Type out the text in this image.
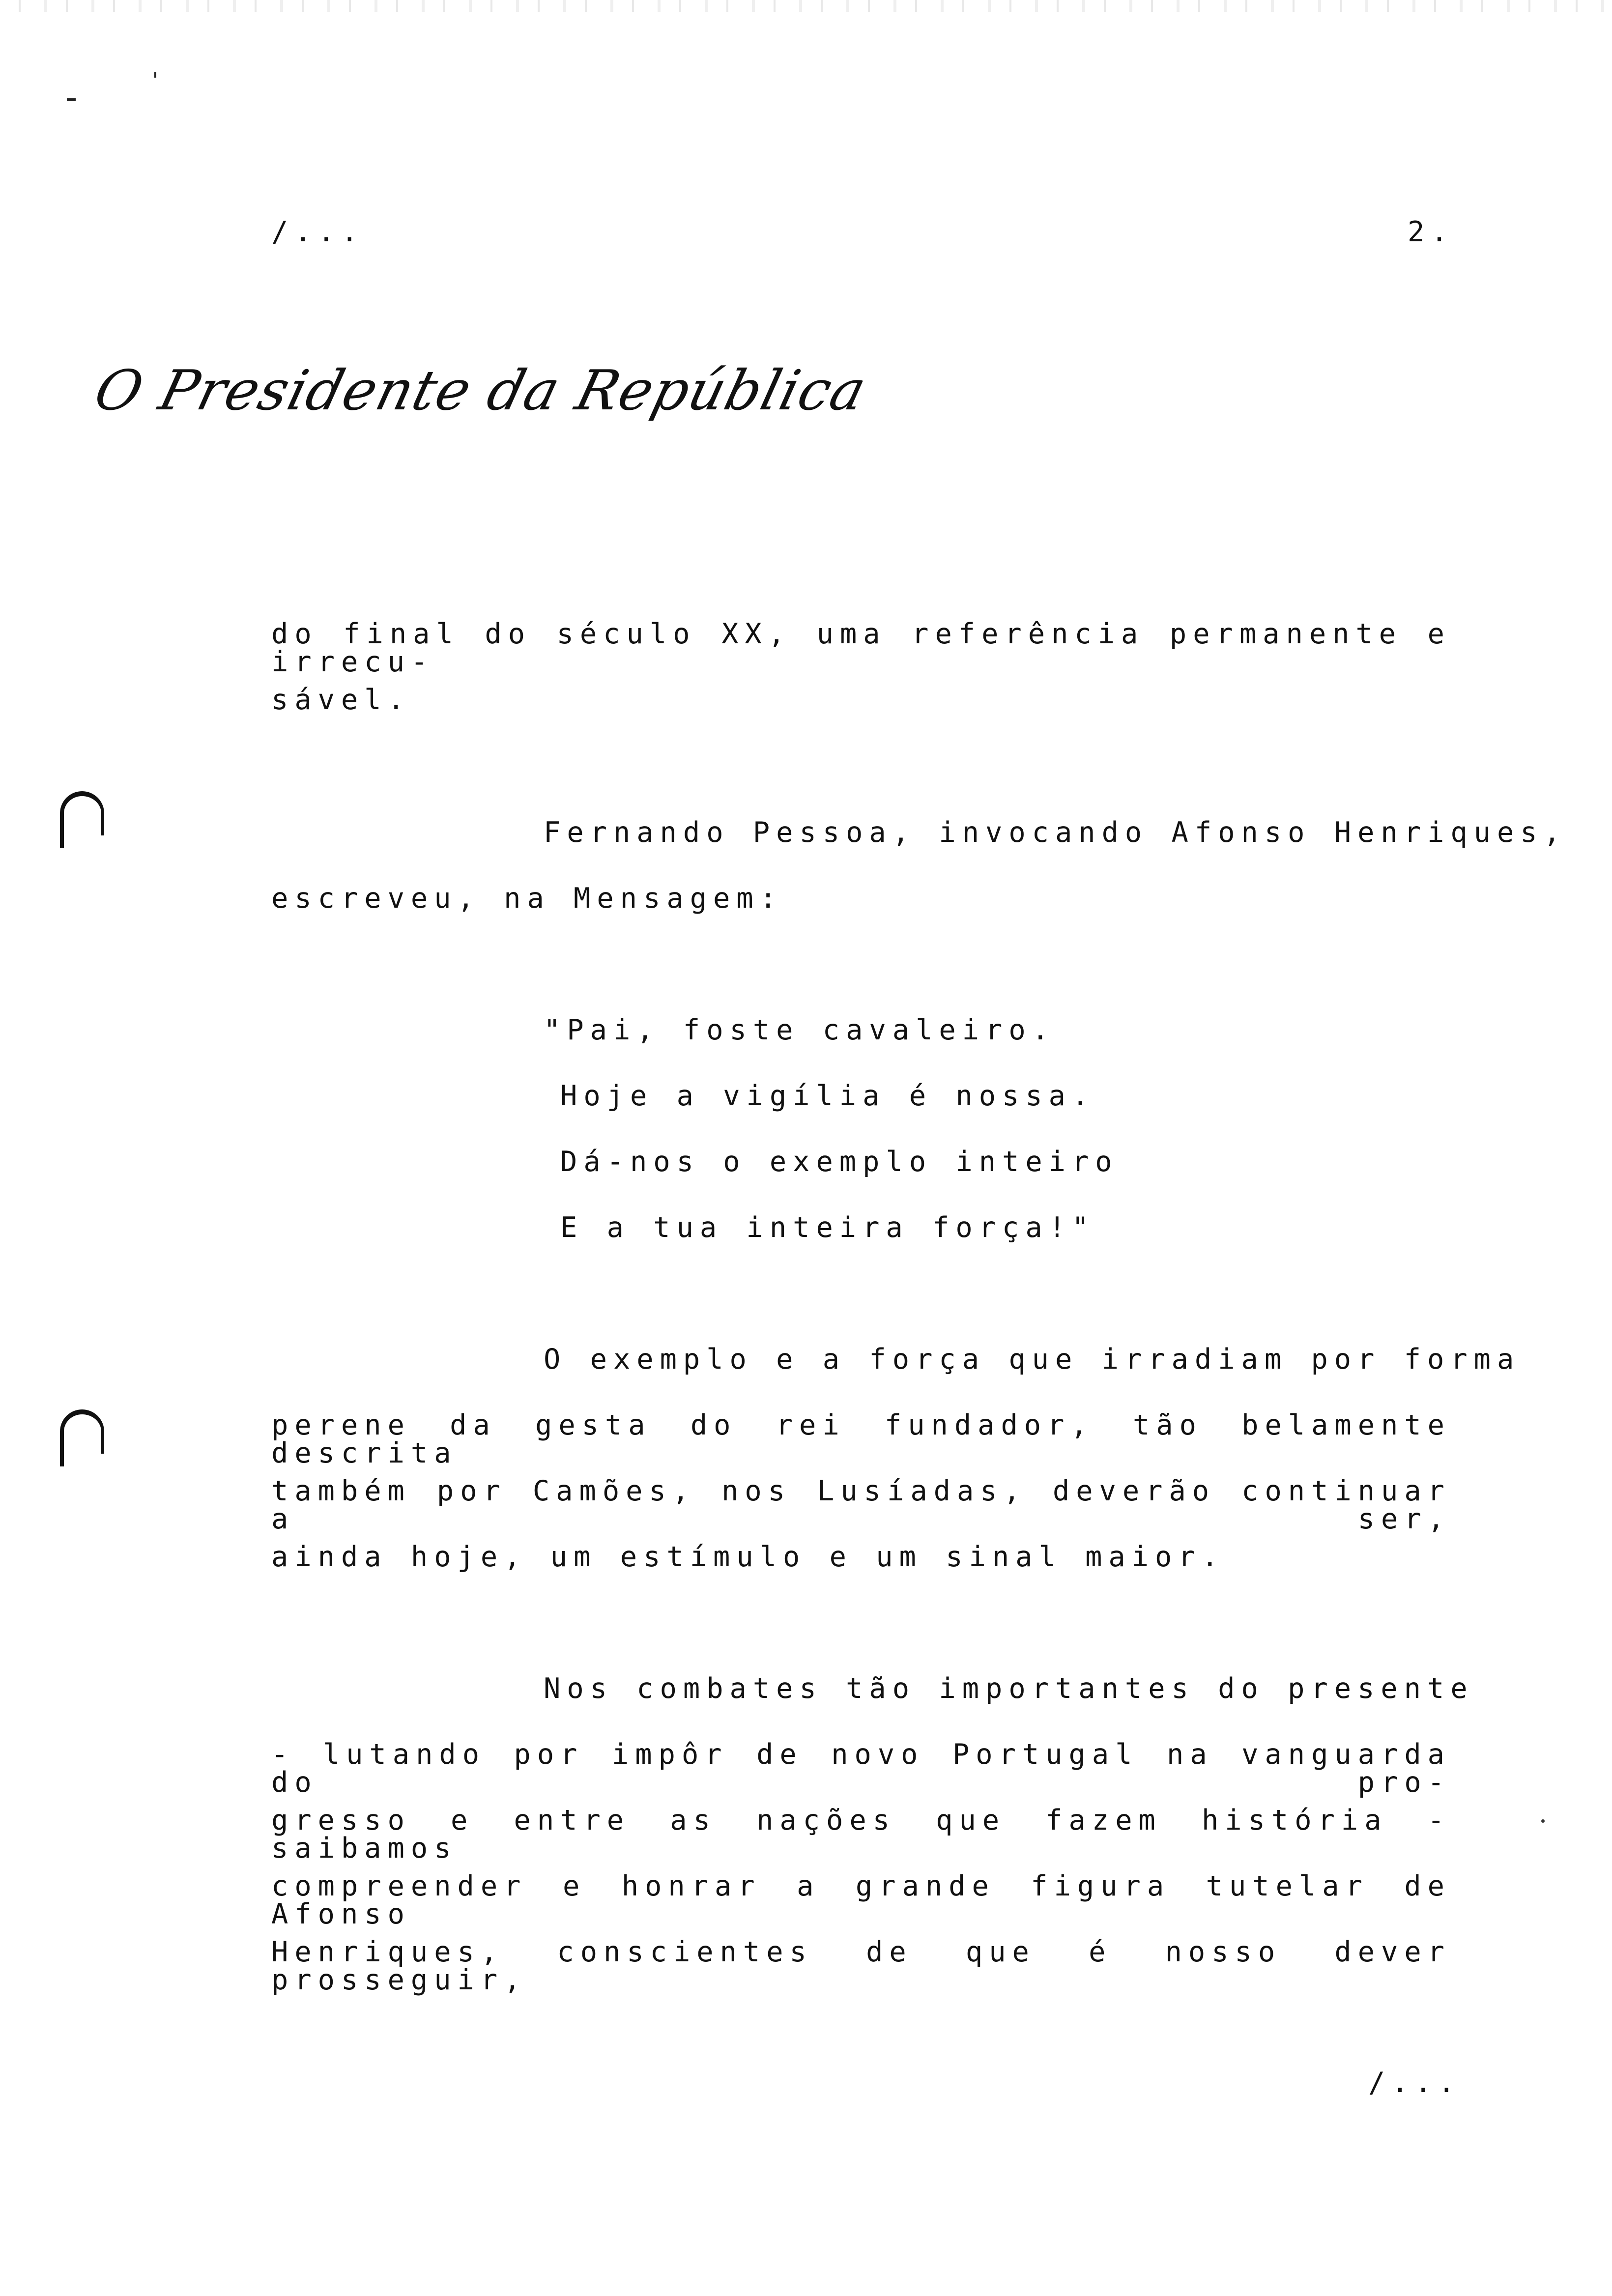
/...	2.
O Presidente da República
do final do século XX, uma referência permanente e irrecu-
sável.
Fernando Pessoa, invocando Afonso Henriques,
escreveu, na Mensagem:
"Pai, foste cavaleiro.
Hoje a vigília é nossa.
Dá-nos o exemplo inteiro
E a tua inteira força!"
O exemplo e a força que irradiam por forma
perene da gesta do rei fundador, tão belamente descrita
também por Camões, nos Lusíadas, deverão continuar a ser,
ainda hoje, um estímulo e um sinal maior.
Nos combates tão importantes do presente
- lutando por impôr de novo Portugal na vanguarda do pro-
gresso e entre as nações que fazem história - saibamos
compreender e honrar a grande figura tutelar de Afonso
Henriques, conscientes de que é nosso dever prosseguir,
/...
